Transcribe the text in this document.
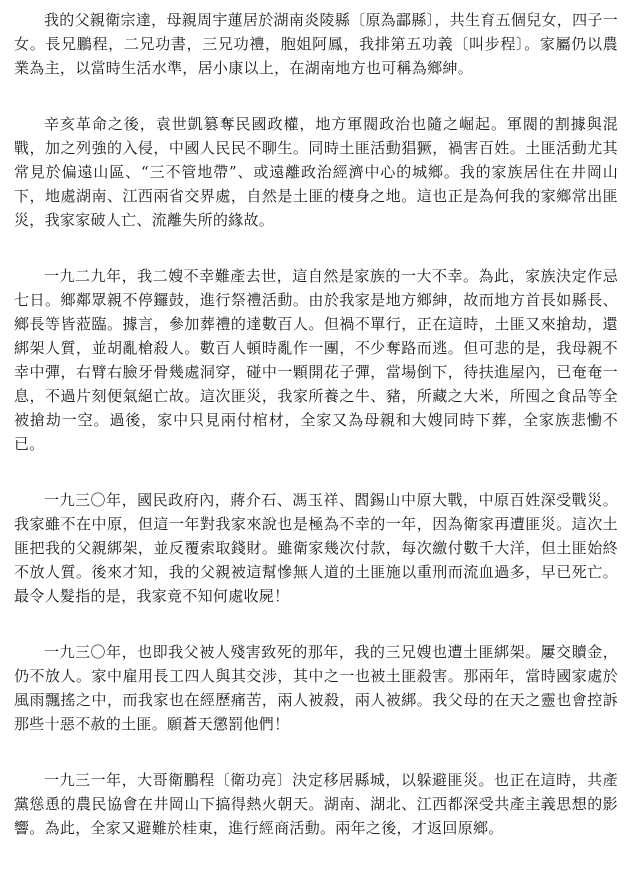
我的父親衛宗達，母親周宇蓮居於湖南炎陵縣〔原為酃縣〕，共生育五個兒女，四子一女。長兄鵬程，二兄功書，三兄功禮，胞姐阿鳳，我排第五功義〔叫步程〕。家屬仍以農業為主，以當時生活水準，居小康以上，在湖南地方也可稱為鄉紳。

辛亥革命之後，袁世凱篡奪民國政權，地方軍閥政治也隨之崛起。軍閥的割據與混戰，加之列強的入侵，中國人民民不聊生。同時土匪活動猖獗，禍害百姓。土匪活動尤其常見於偏遠山區、“三不管地帶”、或遠離政治經濟中心的城鄉。我的家族居住在井岡山下，地處湖南、江西兩省交界處，自然是土匪的棲身之地。這也正是為何我的家鄉常出匪災，我家家破人亡、流離失所的緣故。

一九二九年，我二嫂不幸難產去世，這自然是家族的一大不幸。為此，家族決定作忌七日。鄉鄰眾親不停鑼鼓，進行祭禮活動。由於我家是地方鄉紳，故而地方首長如縣長、鄉長等皆蒞臨。據言，參加葬禮的達數百人。但禍不單行，正在這時，土匪又來搶劫，還綁架人質，並胡亂槍殺人。數百人頓時亂作一團，不少奪路而逃。但可悲的是，我母親不幸中彈，右臂右臉牙骨幾處洞穿，碰中一顆開花子彈，當場倒下，待扶進屋內，已奄奄一息，不過片刻便氣絕亡故。這次匪災，我家所養之牛、豬，所藏之大米，所囤之食品等全被搶劫一空。過後，家中只見兩付棺材，全家又為母親和大嫂同時下葬，全家族悲慟不已。

一九三〇年，國民政府內，蔣介石、馮玉祥、閻錫山中原大戰，中原百姓深受戰災。我家雖不在中原，但這一年對我家來說也是極為不幸的一年，因為衛家再遭匪災。這次土匪把我的父親綁架，並反覆索取錢財。雖衛家幾次付款，每次繳付數千大洋，但土匪始終不放人質。後來才知，我的父親被這幫慘無人道的土匪施以重刑而流血過多，早已死亡。最令人髮指的是，我家竟不知何處收屍！

一九三〇年，也即我父被人殘害致死的那年，我的三兄嫂也遭土匪綁架。屢交贖金，仍不放人。家中雇用長工四人與其交涉，其中之一也被土匪殺害。那兩年，當時國家處於風雨飄搖之中，而我家也在經歷痛苦，兩人被殺，兩人被綁。我父母的在天之靈也會控訴那些十惡不赦的土匪。願蒼天懲罰他們！

一九三一年，大哥衛鵬程〔衛功亮〕決定移居縣城，以躲避匪災。也正在這時，共產黨慫恿的農民協會在井岡山下搞得熱火朝天。湖南、湖北、江西都深受共產主義思想的影響。為此，全家又避難於桂東，進行經商活動。兩年之後，才返回原鄉。
